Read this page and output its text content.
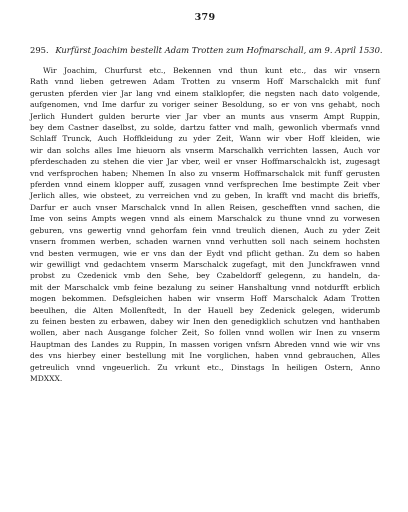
379
295. Kurfürst Joachim bestellt Adam Trotten zum Hofmarschall, am 9. April 1530.
Wir Joachim, Churfurst etc., Bekennen vnd thun kunt etc., das wir vnsern
Rath vnnd lieben getrewen Adam Trotten zu vnserm Hoff Marschalckh mit funf
gerusten pferden vier Jar lang vnd einem stalklopfer, die negsten nach dato volgende,
aufgenomen, vnd Ime darfur zu voriger seiner Besoldung, so er von vns gehabt, noch
Jerlich Hundert gulden berurte vier Jar vber an munts aus vnserm Ampt Ruppin,
bey dem Castner daselbst, zu solde, dartzu fatter vnd malh, gewonlich vbermafs vnnd
Schlaff Trunck, Auch Hoffkleidung zu yder Zeit, Wann wir vber Hoff kleiden, wie
wir dan solchs alles Ime hieuorn als vnserm Marschalkh verrichten lassen, Auch vor
pferdeschaden zu stehen die vier Jar vber, weil er vnser Hoffmarschalckh ist, zugesagt
vnd verfsprochen haben; Nhemen In also zu vnserm Hoffmarschalck mit funff gerusten
pferden vnnd einem klopper auff, zusagen vnnd verfsprechen Ime bestimpte Zeit vber
Jerlich alles, wie obsteet, zu verreichen vnd zu geben, In krafft vnd macht dis brieffs,
Darfur er auch vnser Marschalck vnnd In allen Reisen, geschefften vnnd sachen, die
Ime von seins Ampts wegen vnnd als einem Marschalck zu thune vnnd zu vorwesen
geburen, vns gewertig vnnd gehorfam fein vnnd treulich dienen, Auch zu yder Zeit
vnsern frommen werben, schaden warnen vnnd verhutten soll nach seinem hochsten
vnd besten vermugen, wie er vns dan der Eydt vnd pflicht gethan. Zu dem so haben
wir gewilligt vnd gedachtem vnserm Marschalck zugefagt, mit den Junckfrawen vnnd
probst zu Czedenick vmb den Sehe, bey Czabeldorff gelegenn, zu handeln, da-
mit der Marschalck vmb feine bezalung zu seiner Hanshaltung vnnd notdurfft erblich
mogen bekommen. Defsgleichen haben wir vnserm Hoff Marschalck Adam Trotten
beeulhen, die Alten Mollenftedt, In der Hauell bey Zedenick gelegen, widerumb
zu feinen besten zu erbawen, dabey wir Inen den genedigklich schutzen vnd hanthaben
wollen, aber nach Ausgange folcher Zeit, So follen vnnd wollen wir Inen zu vnserm
Hauptman des Landes zu Ruppin, In massen vorigen vnfsrn Abreden vnnd wie wir vns
des vns hierbey einer bestellung mit Ine vorglichen, haben vnnd gebrauchen, Alles
getreulich vnnd vngeuerlich. Zu vrkunt etc., Dinstags In heiligen Ostern, Anno
MDXXX.
